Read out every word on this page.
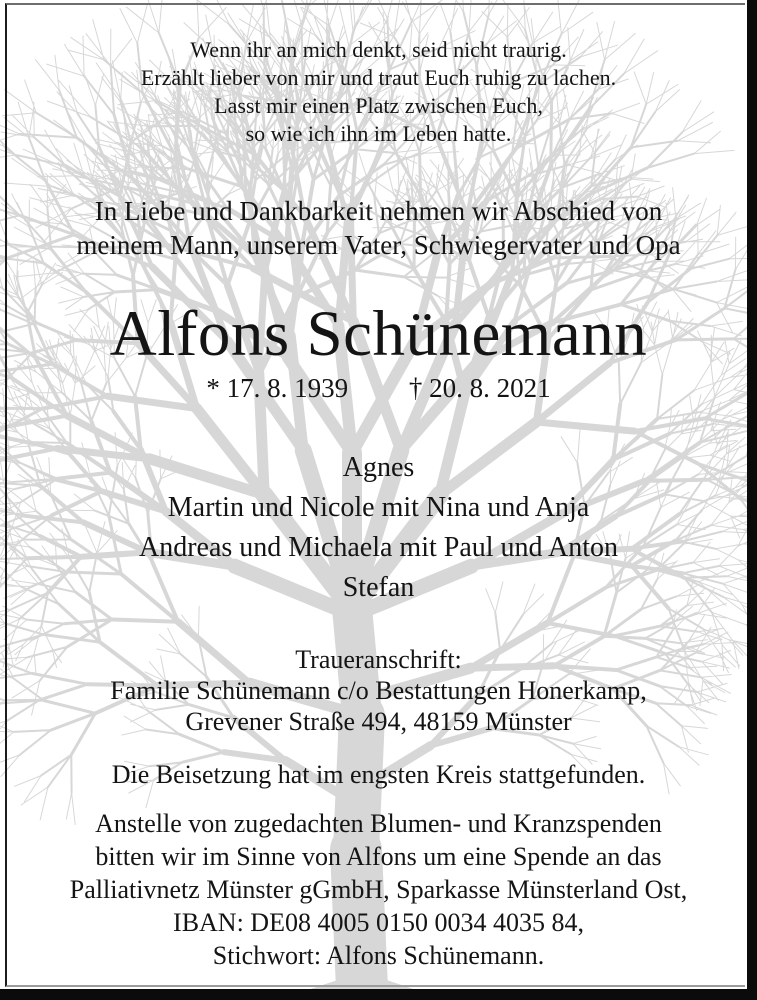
Wenn ihr an mich denkt, seid nicht traurig.
Erzählt lieber von mir und traut Euch ruhig zu lachen.
Lasst mir einen Platz zwischen Euch,
so wie ich ihn im Leben hatte.
In Liebe und Dankbarkeit nehmen wir Abschied von
meinem Mann, unserem Vater, Schwiegervater und Opa
Alfons Schünemann
* 17. 8. 1939 † 20. 8. 2021
Agnes
Martin und Nicole mit Nina und Anja
Andreas und Michaela mit Paul und Anton
Stefan
Traueranschrift:
Familie Schünemann c/o Bestattungen Honerkamp,
Grevener Straße 494, 48159 Münster
Die Beisetzung hat im engsten Kreis stattgefunden.
Anstelle von zugedachten Blumen- und Kranzspenden
bitten wir im Sinne von Alfons um eine Spende an das
Palliativnetz Münster gGmbH, Sparkasse Münsterland Ost,
IBAN: DE08 4005 0150 0034 4035 84,
Stichwort: Alfons Schünemann.
